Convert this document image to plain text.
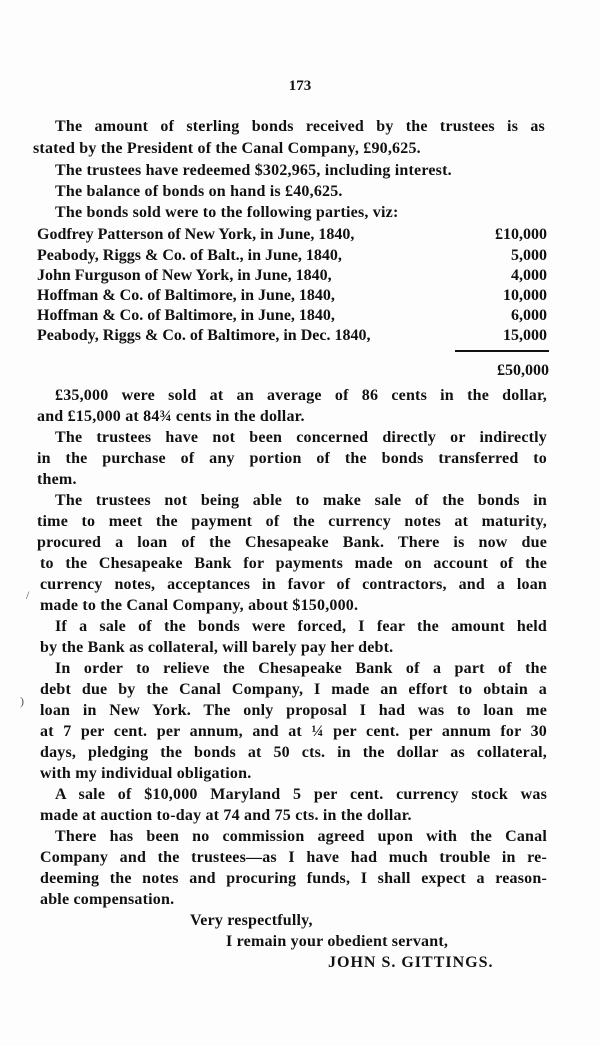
173
The amount of sterling bonds received by the trustees is as
stated by the President of the Canal Company, £90,625.
The trustees have redeemed $302,965, including interest.
The balance of bonds on hand is £40,625.
The bonds sold were to the following parties, viz:
Godfrey Patterson of New York, in June, 1840,	£10,000
Peabody, Riggs & Co. of Balt., in June, 1840,	5,000
John Furguson of New York, in June, 1840,	4,000
Hoffman & Co. of Baltimore, in June, 1840,	10,000
Hoffman & Co. of Baltimore, in June, 1840,	6,000
Peabody, Riggs & Co. of Baltimore, in Dec. 1840,	15,000
£50,000
£35,000 were sold at an average of 86 cents in the dollar,
and £15,000 at 84¾ cents in the dollar.
The trustees have not been concerned directly or indirectly
in the purchase of any portion of the bonds transferred to
them.
The trustees not being able to make sale of the bonds in
time to meet the payment of the currency notes at maturity,
procured a loan of the Chesapeake Bank. There is now due
to the Chesapeake Bank for payments made on account of the
currency notes, acceptances in favor of contractors, and a loan
made to the Canal Company, about $150,000.
If a sale of the bonds were forced, I fear the amount held
by the Bank as collateral, will barely pay her debt.
In order to relieve the Chesapeake Bank of a part of the
debt due by the Canal Company, I made an effort to obtain a
loan in New York. The only proposal I had was to loan me
at 7 per cent. per annum, and at ¼ per cent. per annum for 30
days, pledging the bonds at 50 cts. in the dollar as collateral,
with my individual obligation.
A sale of $10,000 Maryland 5 per cent. currency stock was
made at auction to-day at 74 and 75 cts. in the dollar.
There has been no commission agreed upon with the Canal
Company and the trustees—as I have had much trouble in re-
deeming the notes and procuring funds, I shall expect a reason-
able compensation.
Very respectfully,
I remain your obedient servant,
JOHN S. GITTINGS.
/
)
